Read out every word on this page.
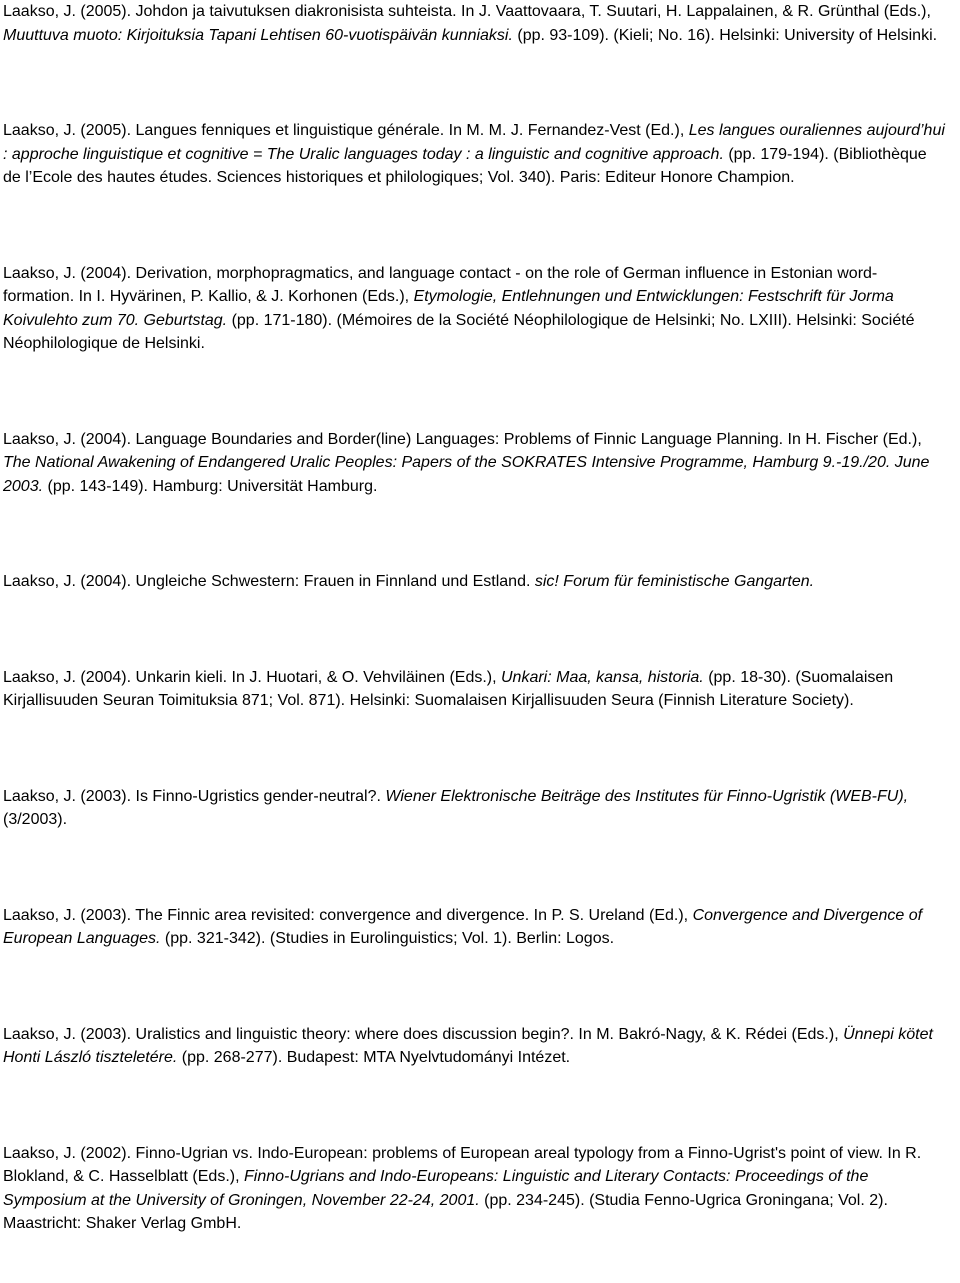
Laakso, J. (2005). Johdon ja taivutuksen diakronisista suhteista. In J. Vaattovaara, T. Suutari, H. Lappalainen, & R. Grünthal (Eds.), Muuttuva muoto: Kirjoituksia Tapani Lehtisen 60-vuotispäivän kunniaksi. (pp. 93-109). (Kieli; No. 16). Helsinki: University of Helsinki.

Laakso, J. (2005). Langues fenniques et linguistique générale. In M. M. J. Fernandez-Vest (Ed.), Les langues ouraliennes aujourd’hui : approche linguistique et cognitive = The Uralic languages today : a linguistic and cognitive approach. (pp. 179-194). (Bibliothèque de l’Ecole des hautes études. Sciences historiques et philologiques; Vol. 340). Paris: Editeur Honore Champion.

Laakso, J. (2004). Derivation, morphopragmatics, and language contact - on the role of German influence in Estonian word-formation. In I. Hyvärinen, P. Kallio, & J. Korhonen (Eds.), Etymologie, Entlehnungen und Entwicklungen: Festschrift für Jorma Koivulehto zum 70. Geburtstag. (pp. 171-180). (Mémoires de la Société Néophilologique de Helsinki; No. LXIII). Helsinki: Société Néophilologique de Helsinki.

Laakso, J. (2004). Language Boundaries and Border(line) Languages: Problems of Finnic Language Planning. In H. Fischer (Ed.), The National Awakening of Endangered Uralic Peoples: Papers of the SOKRATES Intensive Programme, Hamburg 9.-19./20. June 2003. (pp. 143-149). Hamburg: Universität Hamburg.

Laakso, J. (2004). Ungleiche Schwestern: Frauen in Finnland und Estland. sic! Forum für feministische Gangarten.

Laakso, J. (2004). Unkarin kieli. In J. Huotari, & O. Vehviläinen (Eds.), Unkari: Maa, kansa, historia. (pp. 18-30). (Suomalaisen Kirjallisuuden Seuran Toimituksia 871; Vol. 871). Helsinki: Suomalaisen Kirjallisuuden Seura (Finnish Literature Society).

Laakso, J. (2003). Is Finno-Ugristics gender-neutral?. Wiener Elektronische Beiträge des Institutes für Finno-Ugristik (WEB-FU), (3/2003).

Laakso, J. (2003). The Finnic area revisited: convergence and divergence. In P. S. Ureland (Ed.), Convergence and Divergence of European Languages. (pp. 321-342). (Studies in Eurolinguistics; Vol. 1). Berlin: Logos.

Laakso, J. (2003). Uralistics and linguistic theory: where does discussion begin?. In M. Bakró-Nagy, & K. Rédei (Eds.), Ünnepi kötet Honti László tiszteletére. (pp. 268-277). Budapest: MTA Nyelvtudományi Intézet.

Laakso, J. (2002). Finno-Ugrian vs. Indo-European: problems of European areal typology from a Finno-Ugrist's point of view. In R. Blokland, & C. Hasselblatt (Eds.), Finno-Ugrians and Indo-Europeans: Linguistic and Literary Contacts: Proceedings of the Symposium at the University of Groningen, November 22-24, 2001. (pp. 234-245). (Studia Fenno-Ugrica Groningana; Vol. 2). Maastricht: Shaker Verlag GmbH.
